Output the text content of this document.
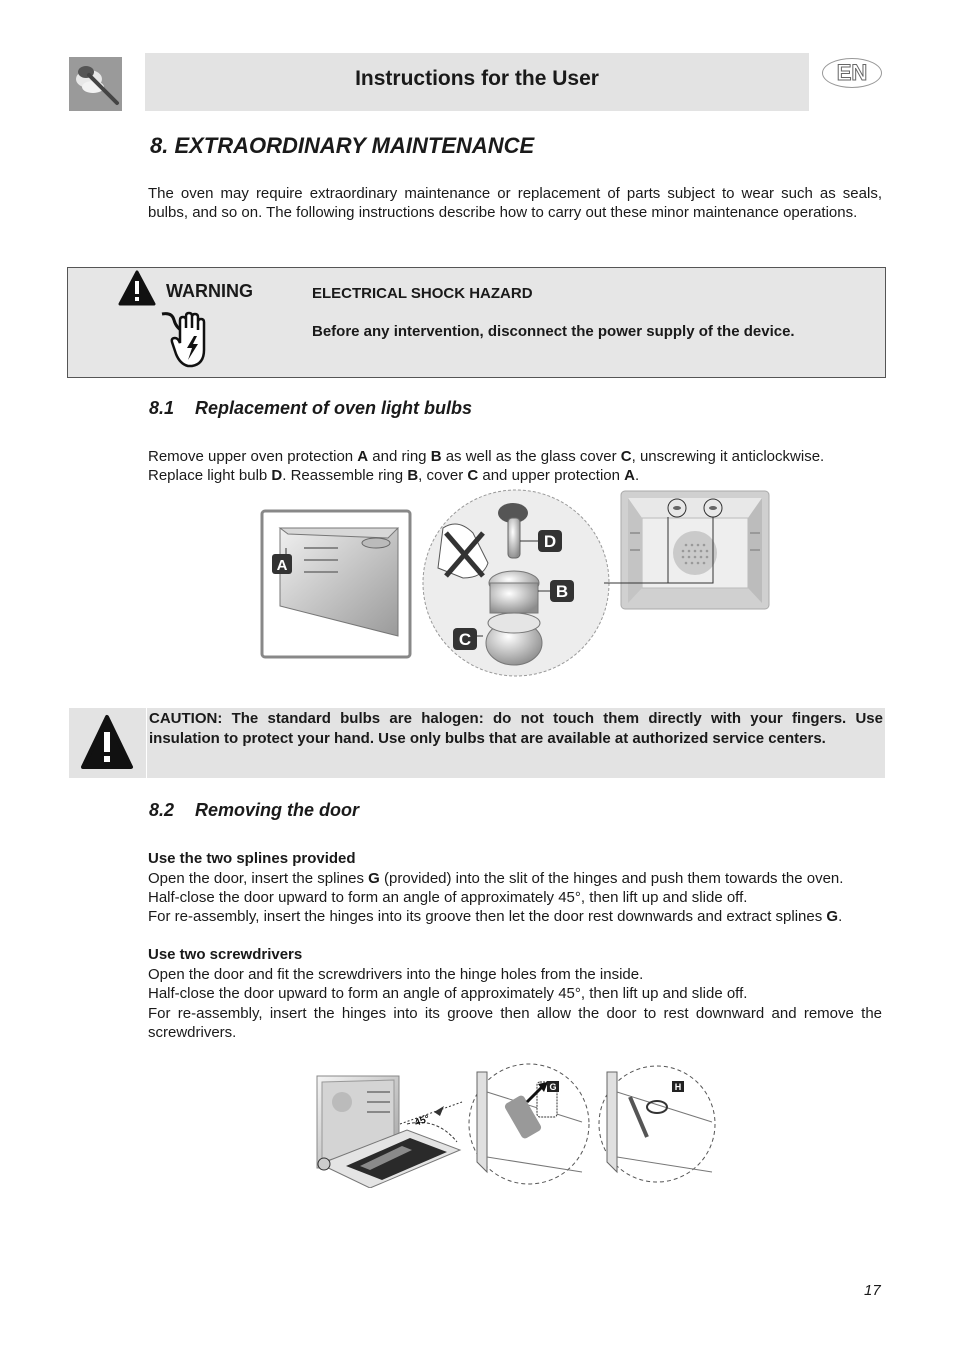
Instructions for the User	EN
8. EXTRAORDINARY MAINTENANCE
The oven may require extraordinary maintenance or replacement of parts subject to wear such as seals, bulbs, and so on. The following instructions describe how to carry out these minor maintenance operations.
WARNING	ELECTRICAL SHOCK HAZARD
Before any intervention, disconnect the power supply of the device.
8.1 Replacement of oven light bulbs
Remove upper oven protection A and ring B as well as the glass cover C, unscrewing it anticlockwise.
Replace light bulb D. Reassemble ring B, cover C and upper protection A.
A
D
B
C
CAUTION: The standard bulbs are halogen: do not touch them directly with your fingers. Use insulation to protect your hand. Use only bulbs that are available at authorized service centers.
8.2 Removing the door
Use the two splines provided
Open the door, insert the splines G (provided) into the slit of the hinges and push them towards the oven.
Half-close the door upward to form an angle of approximately 45°, then lift up and slide off.
For re-assembly, insert the hinges into its groove then let the door rest downwards and extract splines G.
Use two screwdrivers
Open the door and fit the screwdrivers into the hinge holes from the inside.
Half-close the door upward to form an angle of approximately 45°, then lift up and slide off.
For re-assembly, insert the hinges into its groove then allow the door to rest downward and remove the screwdrivers.
45°
G	H
17
